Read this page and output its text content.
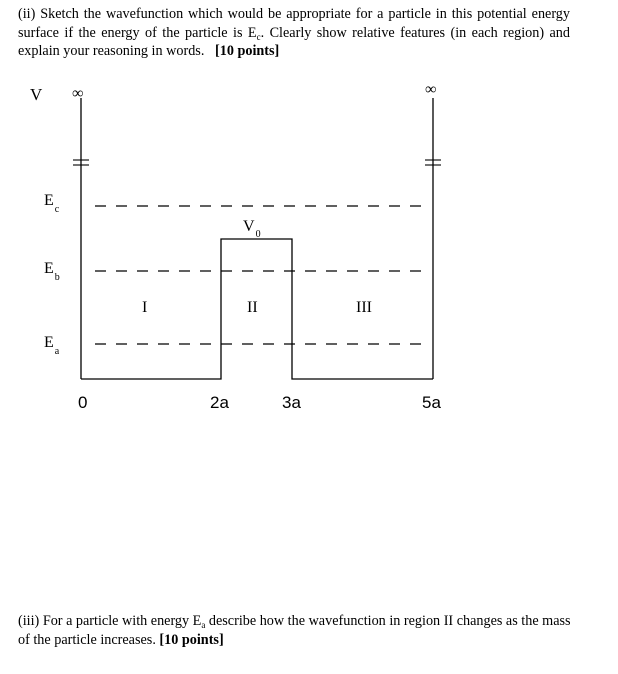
(ii) Sketch the wavefunction which would be appropriate for a particle in this potential energy surface if the energy of the particle is $E_c$. Clearly show relative features (in each region) and explain your reasoning in words. [10 points]
V ∞	∞
$E_c$
$E_b$
$E_a$
$V_0$
I	II	III
0	2a	3a	5a
(iii) For a particle with energy $E_a$ describe how the wavefunction in region II changes as the mass of the particle increases. [10 points]
